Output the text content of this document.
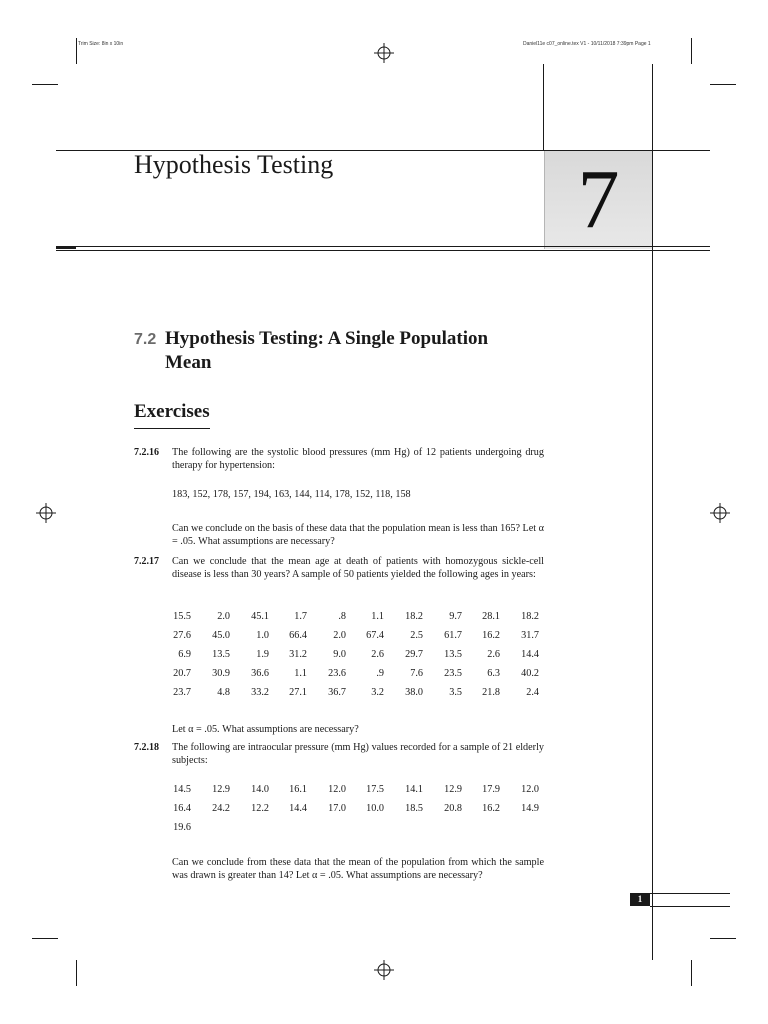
Trim Size: 8in x 10in	Daniel11e c07_online.tex V1 - 10/11/2018 7:39pm Page 1
7
Hypothesis Testing
7.2 Hypothesis Testing: A Single Population Mean
Exercises
7.2.16 The following are the systolic blood pressures (mm Hg) of 12 patients undergoing drug therapy for hypertension:
183, 152, 178, 157, 194, 163, 144, 114, 178, 152, 118, 158
Can we conclude on the basis of these data that the population mean is less than 165? Let α = .05. What assumptions are necessary?
7.2.17 Can we conclude that the mean age at death of patients with homozygous sickle-cell disease is less than 30 years? A sample of 50 patients yielded the following ages in years:
15.5	2.0	45.1	1.7	.8	1.1	18.2	9.7	28.1	18.2
27.6	45.0	1.0	66.4	2.0	67.4	2.5	61.7	16.2	31.7
6.9	13.5	1.9	31.2	9.0	2.6	29.7	13.5	2.6	14.4
20.7	30.9	36.6	1.1	23.6	.9	7.6	23.5	6.3	40.2
23.7	4.8	33.2	27.1	36.7	3.2	38.0	3.5	21.8	2.4
Let α = .05. What assumptions are necessary?
7.2.18 The following are intraocular pressure (mm Hg) values recorded for a sample of 21 elderly subjects:
14.5	12.9	14.0	16.1	12.0	17.5	14.1	12.9	17.9	12.0
16.4	24.2	12.2	14.4	17.0	10.0	18.5	20.8	16.2	14.9
19.6									
Can we conclude from these data that the mean of the population from which the sample was drawn is greater than 14? Let α = .05. What assumptions are necessary?
1
